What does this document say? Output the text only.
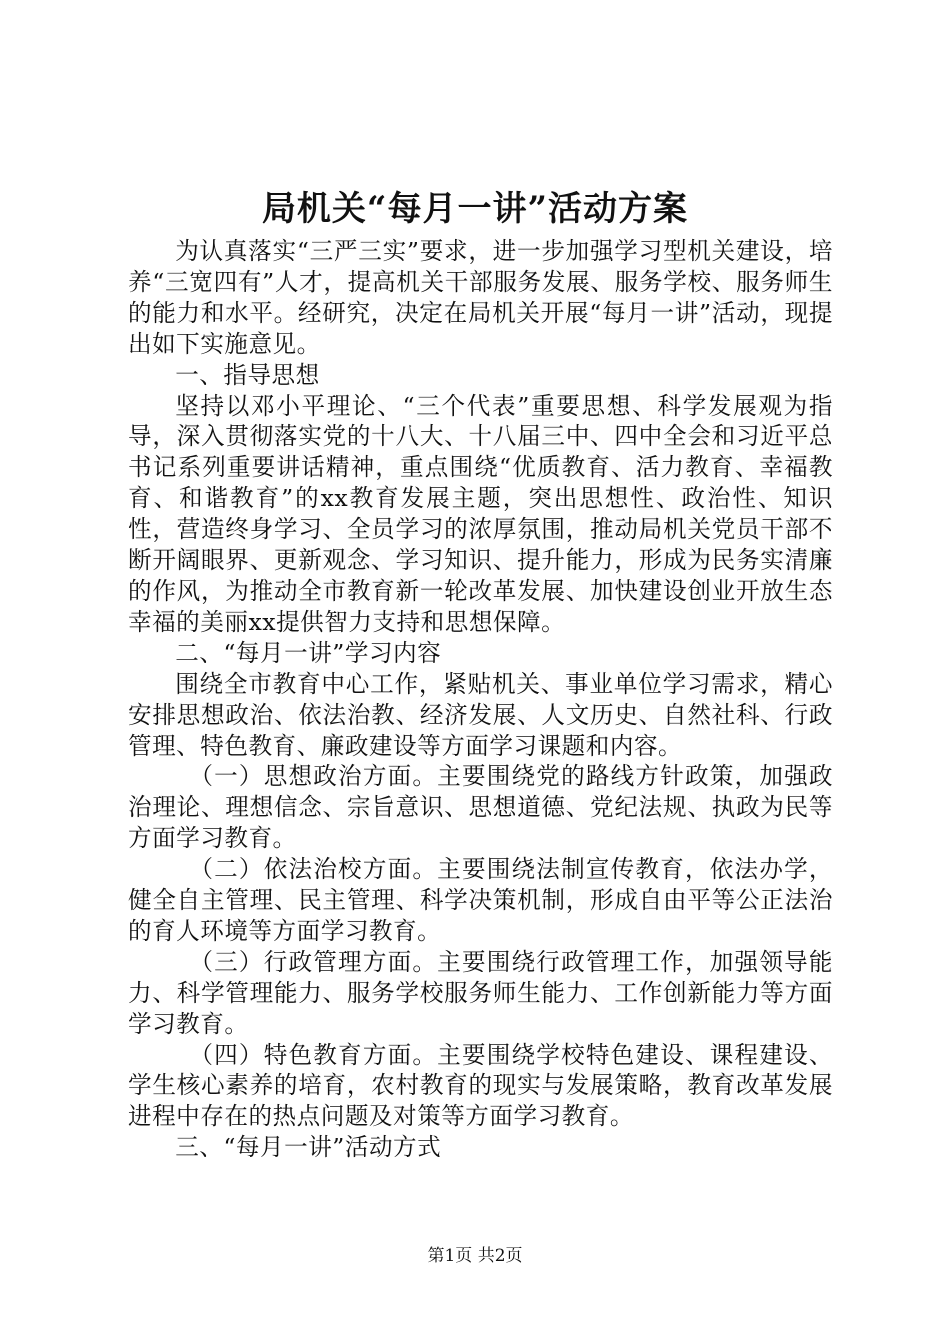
局机关“每月一讲”活动方案

为认真落实“三严三实”要求，进一步加强学习型机关建设，培养“三宽四有”人才，提高机关干部服务发展、服务学校、服务师生的能力和水平。经研究，决定在局机关开展“每月一讲”活动，现提出如下实施意见。

一、指导思想

坚持以邓小平理论、“三个代表”重要思想、科学发展观为指导，深入贯彻落实党的十八大、十八届三中、四中全会和习近平总书记系列重要讲话精神，重点围绕“优质教育、活力教育、幸福教育、和谐教育”的xx教育发展主题，突出思想性、政治性、知识性，营造终身学习、全员学习的浓厚氛围，推动局机关党员干部不断开阔眼界、更新观念、学习知识、提升能力，形成为民务实清廉的作风，为推动全市教育新一轮改革发展、加快建设创业开放生态幸福的美丽xx提供智力支持和思想保障。

二、“每月一讲”学习内容

围绕全市教育中心工作，紧贴机关、事业单位学习需求，精心安排思想政治、依法治教、经济发展、人文历史、自然社科、行政管理、特色教育、廉政建设等方面学习课题和内容。

（一）思想政治方面。主要围绕党的路线方针政策，加强政治理论、理想信念、宗旨意识、思想道德、党纪法规、执政为民等方面学习教育。

（二）依法治校方面。主要围绕法制宣传教育，依法办学，健全自主管理、民主管理、科学决策机制，形成自由平等公正法治的育人环境等方面学习教育。

（三）行政管理方面。主要围绕行政管理工作，加强领导能力、科学管理能力、服务学校服务师生能力、工作创新能力等方面学习教育。

（四）特色教育方面。主要围绕学校特色建设、课程建设、学生核心素养的培育，农村教育的现实与发展策略，教育改革发展进程中存在的热点问题及对策等方面学习教育。

三、“每月一讲”活动方式

第1页 共2页
